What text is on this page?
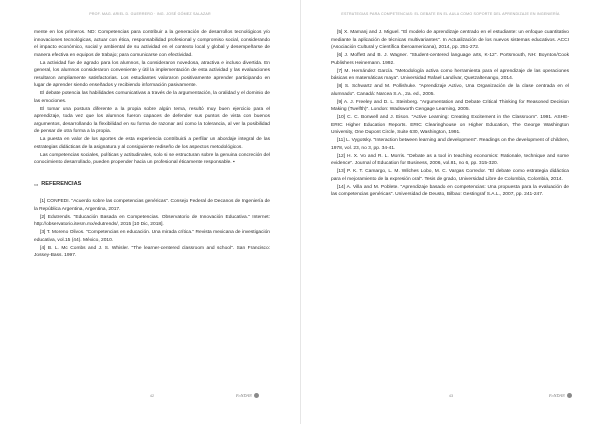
PROF. MAG. ARIEL D. GUERRERO · ING. JOSÉ GÓMEZ SALAZAR

mente en los primeros. ND: Competencias para contribuir a la generación de desarrollos tecnológicos y/o innovaciones tecnológicas, actuar con ética, responsabilidad profesional y compromiso social, considerando el impacto económico, social y ambiental de su actividad en el contexto local y global y desempeñarse de manera efectiva en equipos de trabajo; para comunicarse con efectividad.

La actividad fue de agrado para los alumnos, la consideraron novedosa, atractiva e incluso divertida. En general, los alumnos consideraron conveniente y útil la implementación de esta actividad y las evaluaciones resultaron ampliamente satisfactorias. Los estudiantes valoraron positivamente aprender participando en lugar de aprender siendo enseñados y recibiendo información pasivamente.

El debate potencia las habilidades comunicativas a través de la argumentación, la oralidad y el dominio de las emociones.

El tomar una postura diferente a la propia sobre algún tema, resultó muy buen ejercicio para el aprendizaje, toda vez que los alumnos fueron capaces de defender sus puntos de vista con buenos argumentos, desarrollando la flexibilidad en su forma de razonar así como la tolerancia, al ver la posibilidad de pensar de otra forma a la propia.

La puesta en valor de los aportes de esta experiencia contribuirá a perfilar un abordaje integral de las estrategias didácticas de la asignatura y al consiguiente rediseño de los aspectos metodológicos.

Las competencias sociales, políticas y actitudinales, solo si se estructuran sobre la genuina concreción del conocimiento desarrollado, pueden propender hacia un profesional éticamente responsable. ▪

▭ REFERENCIAS

[1] CONFEDI. "Acuerdo sobre las competencias genéricas". Consejo Federal de Decanos de Ingeniería de la República Argentina, Argentina, 2017.

[2] Edutrends. "Educación Basada en Competencias. Observatorio de Innovación Educativa." Internet: http://observatorio.itesm.mx/edutrends/, 2015 [10 Dic, 2018].

[3] T. Moreno Olivos. "Competencias en educación. Una mirada crítica." Revista mexicana de investigación educativa, vol.15 (44). México, 2010.

[4] B. L. Mc Combs and J. S. Whisler. "The learner-centered classroom and school". San Francisco: Jossey-Bass. 1997.

42	FoNDAN
ESTRATEGIAS PARA COMPETENCIAS: EL DEBATE EN EL AULA COMO SOPORTE DEL APRENDIZAJE EN INGENIERÍA

[5] X. Mamanj and J. Miguel. "El modelo de aprendizaje centrado en el estudiante: un enfoque cuantitativo mediante la aplicación de técnicas multivariantes". In Actualización de los nuevos sistemas educativos. ACCI (Asociación Cultural y Científica Iberoamericana), 2014, pp. 251-272.

[6] J. Moffett and B. J. Wagner. "Student-centered language arts, K-12". Portsmouth, NH: Boynton/Cook Publishers Heinemann. 1992.

[7] M. Hernández García. "Metodología activa como herramienta para el aprendizaje de las operaciones básicas en matemáticas maya". Universidad Rafael Landívar, Quetzaltenango, 2014.

[8] S. Schwartz and M. Pollishuke. "Aprendizaje Activo, Una Organización de la clase centrada en el alumnado". Canadá: Narcea S.A., 2a. ed., 2005.

[9] A. J. Freeley and D. L. Steinberg. "Argumentation and Debate Critical Thinking for Reasoned Decision Making (Twelfth)". London: Wadsworth Cengage Learning, 2005.

[10] C. C. Bonwell and J. Eison. "Active Learning: Creating Excitement in the Classroom". 1991. ASHE-ERIC Higher Education Reports. ERIC Clearinghouse on Higher Education, The George Washington University, One Dupont Circle, Suite 630, Washington, 1991.

[11] L. Vygotsky. "Interaction between learning and development". Readings on the development of children, 1978, vol. 23, no 3, pp. 34-41.

[12] H. X. Vo and R. L. Morris. "Debate as a tool in teaching economics: Rationale, technique and some evidence". Journal of Education for Business, 2006, vol.81, no 6, pp. 315-320.

[13] P. K. T. Camargo, L. M. Wilches Lobo, M. C. Vargas Corredor. "El debate como estrategia didáctica para el mejoramiento de la expresión oral". Tesis de grado, Universidad Libre de Colombia, Colombia, 2014.

[14] A. Villa and M. Poblete. "Aprendizaje basado en competencias: Una propuesta para la evaluación de las competencias genéricas". Universidad de Deusto, Bilbao: Gestingraf S.A.L., 2007, pp. 241-247.

43	FoNDAN
